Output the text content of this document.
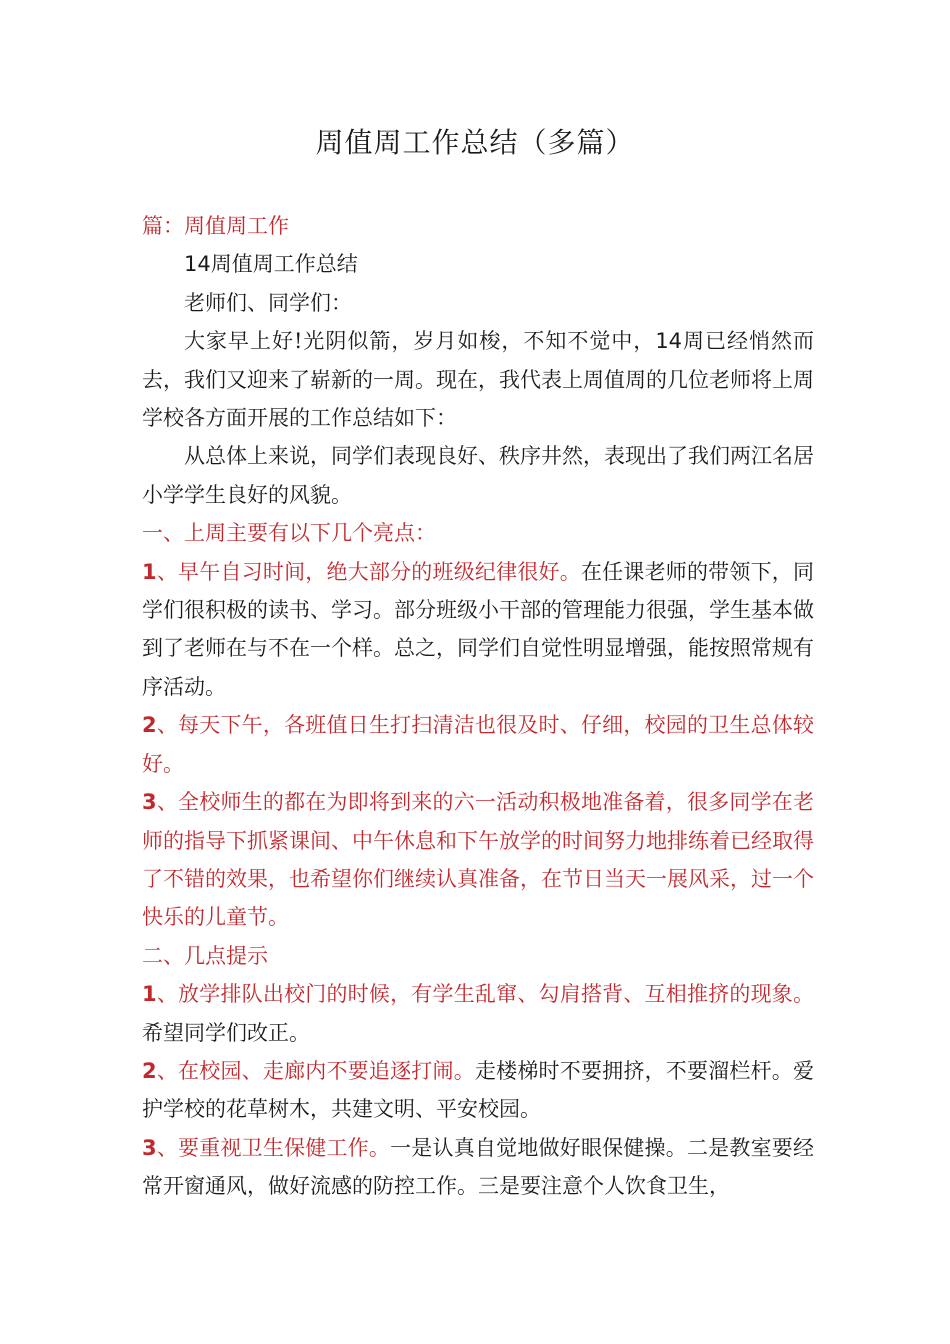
周值周工作总结（多篇）

篇：周值周工作

14周值周工作总结

老师们、同学们：

大家早上好!光阴似箭，岁月如梭，不知不觉中，14周已经悄然而去，我们又迎来了崭新的一周。现在，我代表上周值周的几位老师将上周学校各方面开展的工作总结如下：

从总体上来说，同学们表现良好、秩序井然，表现出了我们两江名居小学学生良好的风貌。

一、上周主要有以下几个亮点：

1、早午自习时间，绝大部分的班级纪律很好。在任课老师的带领下，同学们很积极的读书、学习。部分班级小干部的管理能力很强，学生基本做到了老师在与不在一个样。总之，同学们自觉性明显增强，能按照常规有序活动。

2、每天下午，各班值日生打扫清洁也很及时、仔细，校园的卫生总体较好。

3、全校师生的都在为即将到来的六一活动积极地准备着，很多同学在老师的指导下抓紧课间、中午休息和下午放学的时间努力地排练着已经取得了不错的效果，也希望你们继续认真准备，在节日当天一展风采，过一个快乐的儿童节。

二、几点提示

1、放学排队出校门的时候，有学生乱窜、勾肩搭背、互相推挤的现象。希望同学们改正。

2、在校园、走廊内不要追逐打闹。走楼梯时不要拥挤，不要溜栏杆。爱护学校的花草树木，共建文明、平安校园。

3、要重视卫生保健工作。一是认真自觉地做好眼保健操。二是教室要经常开窗通风，做好流感的防控工作。三是要注意个人饮食卫生，
